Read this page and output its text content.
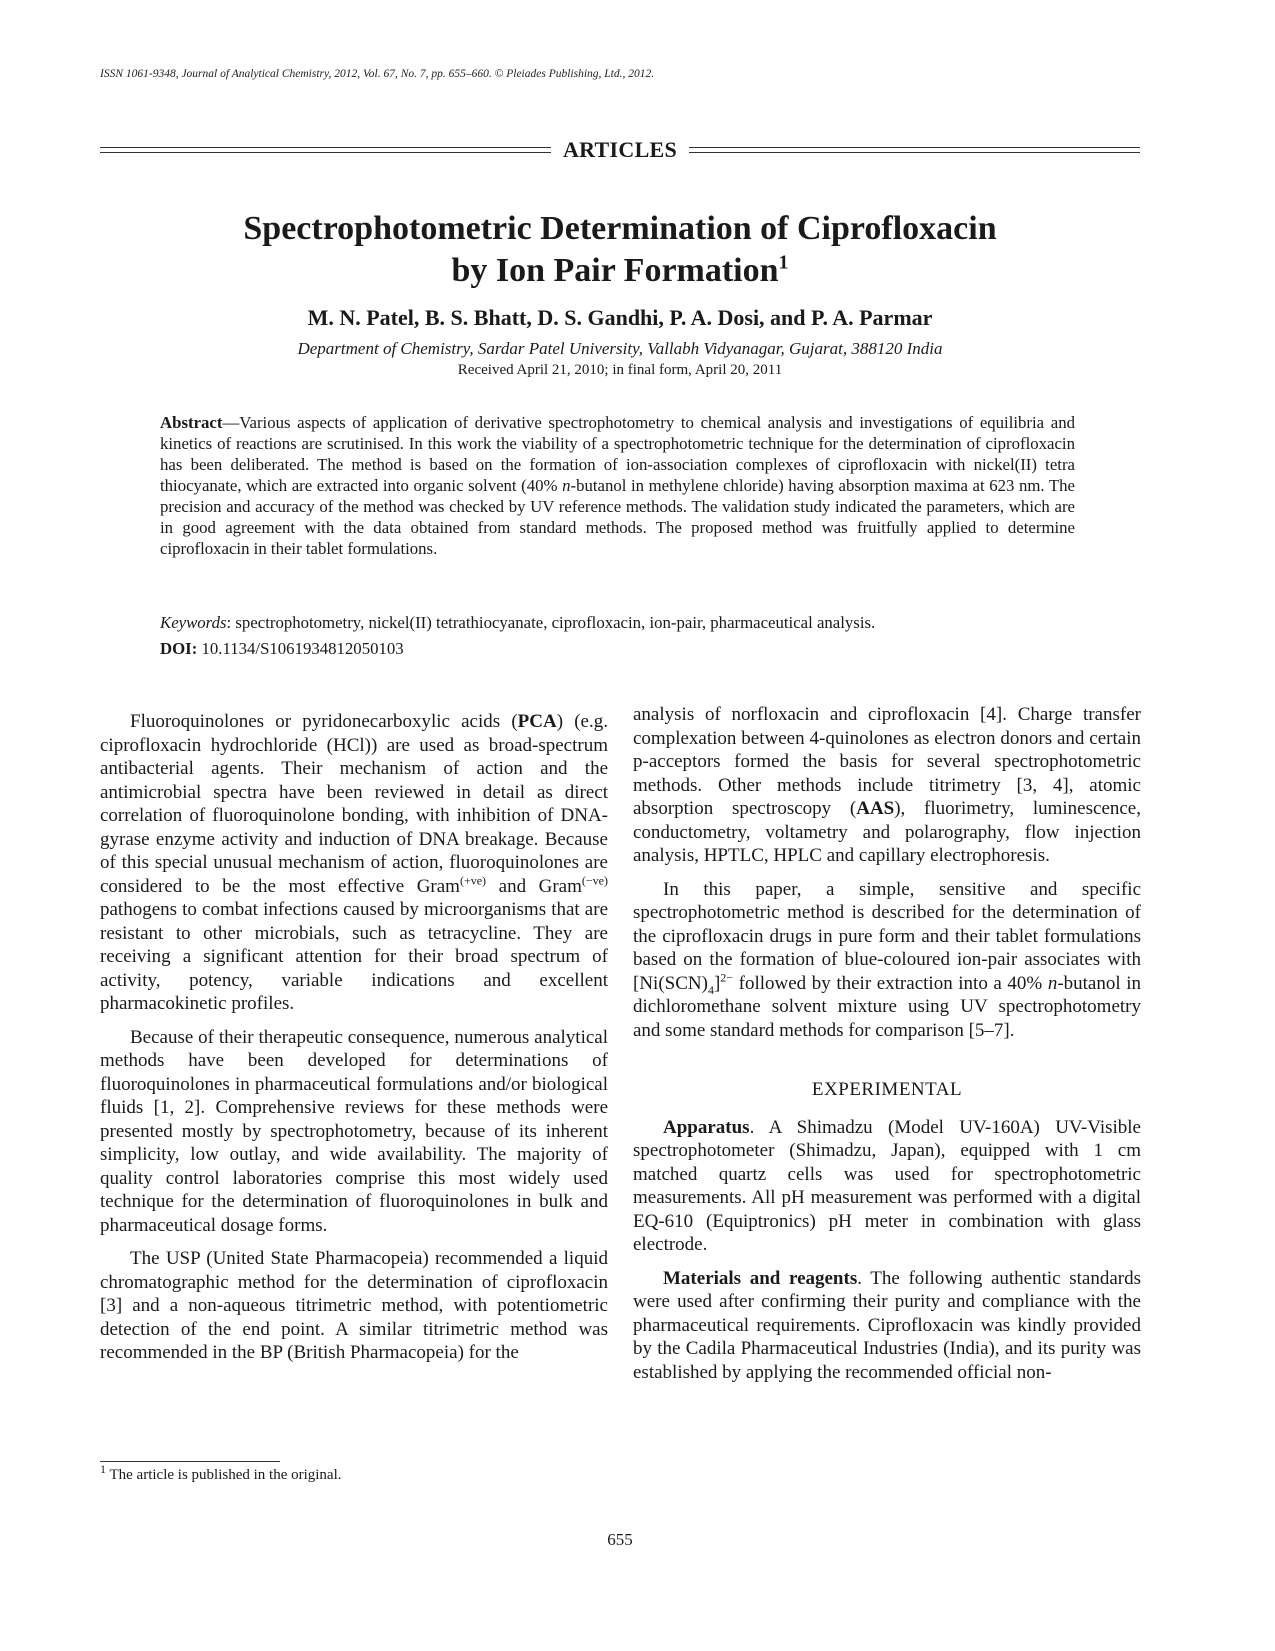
ISSN 1061-9348, Journal of Analytical Chemistry, 2012, Vol. 67, No. 7, pp. 655–660. © Pleiades Publishing, Ltd., 2012.
ARTICLES
Spectrophotometric Determination of Ciprofloxacin
by Ion Pair Formation$^1$
M. N. Patel, B. S. Bhatt, D. S. Gandhi, P. A. Dosi, and P. A. Parmar
Department of Chemistry, Sardar Patel University, Vallabh Vidyanagar, Gujarat, 388120 India
Received April 21, 2010; in final form, April 20, 2011
Abstract—Various aspects of application of derivative spectrophotometry to chemical analysis and investigations of equilibria and kinetics of reactions are scrutinised. In this work the viability of a spectrophotometric technique for the determination of ciprofloxacin has been deliberated. The method is based on the formation of ion-association complexes of ciprofloxacin with nickel(II) tetra thiocyanate, which are extracted into organic solvent (40% n-butanol in methylene chloride) having absorption maxima at 623 nm. The precision and accuracy of the method was checked by UV reference methods. The validation study indicated the parameters, which are in good agreement with the data obtained from standard methods. The proposed method was fruitfully applied to determine ciprofloxacin in their tablet formulations.
Keywords: spectrophotometry, nickel(II) tetrathiocyanate, ciprofloxacin, ion-pair, pharmaceutical analysis.
DOI: 10.1134/S1061934812050103

Fluoroquinolones or pyridonecarboxylic acids (PCA) (e.g. ciprofloxacin hydrochloride (HCl)) are used as broad-spectrum antibacterial agents. Their mechanism of action and the antimicrobial spectra have been reviewed in detail as direct correlation of fluoroquinolone bonding, with inhibition of DNA-gyrase enzyme activity and induction of DNA breakage. Because of this special unusual mechanism of action, fluoroquinolones are considered to be the most effective Gram$^{(+ve)}$ and Gram$^{(-ve)}$ pathogens to combat infections caused by microorganisms that are resistant to other microbials, such as tetracycline. They are receiving a significant attention for their broad spectrum of activity, potency, variable indications and excellent pharmacokinetic profiles.

Because of their therapeutic consequence, numerous analytical methods have been developed for determinations of fluoroquinolones in pharmaceutical formulations and/or biological fluids [1, 2]. Comprehensive reviews for these methods were presented mostly by spectrophotometry, because of its inherent simplicity, low outlay, and wide availability. The majority of quality control laboratories comprise this most widely used technique for the determination of fluoroquinolones in bulk and pharmaceutical dosage forms.

The USP (United State Pharmacopeia) recommended a liquid chromatographic method for the determination of ciprofloxacin [3] and a non-aqueous titrimetric method, with potentiometric detection of the end point. A similar titrimetric method was recommended in the BP (British Pharmacopeia) for the

analysis of norfloxacin and ciprofloxacin [4]. Charge transfer complexation between 4-quinolones as electron donors and certain p-acceptors formed the basis for several spectrophotometric methods. Other methods include titrimetry [3, 4], atomic absorption spectroscopy (AAS), fluorimetry, luminescence, conductometry, voltametry and polarography, flow injection analysis, HPTLC, HPLC and capillary electrophoresis.

In this paper, a simple, sensitive and specific spectrophotometric method is described for the determination of the ciprofloxacin drugs in pure form and their tablet formulations based on the formation of blue-coloured ion-pair associates with $[Ni(SCN)_4]^{2-}$ followed by their extraction into a 40% n-butanol in dichloromethane solvent mixture using UV spectrophotometry and some standard methods for comparison [5–7].

EXPERIMENTAL

Apparatus. A Shimadzu (Model UV-160A) UV-Visible spectrophotometer (Shimadzu, Japan), equipped with 1 cm matched quartz cells was used for spectrophotometric measurements. All pH measurement was performed with a digital EQ-610 (Equiptronics) pH meter in combination with glass electrode.

Materials and reagents. The following authentic standards were used after confirming their purity and compliance with the pharmaceutical requirements. Ciprofloxacin was kindly provided by the Cadila Pharmaceutical Industries (India), and its purity was established by applying the recommended official non-

$^1$ The article is published in the original.
655
